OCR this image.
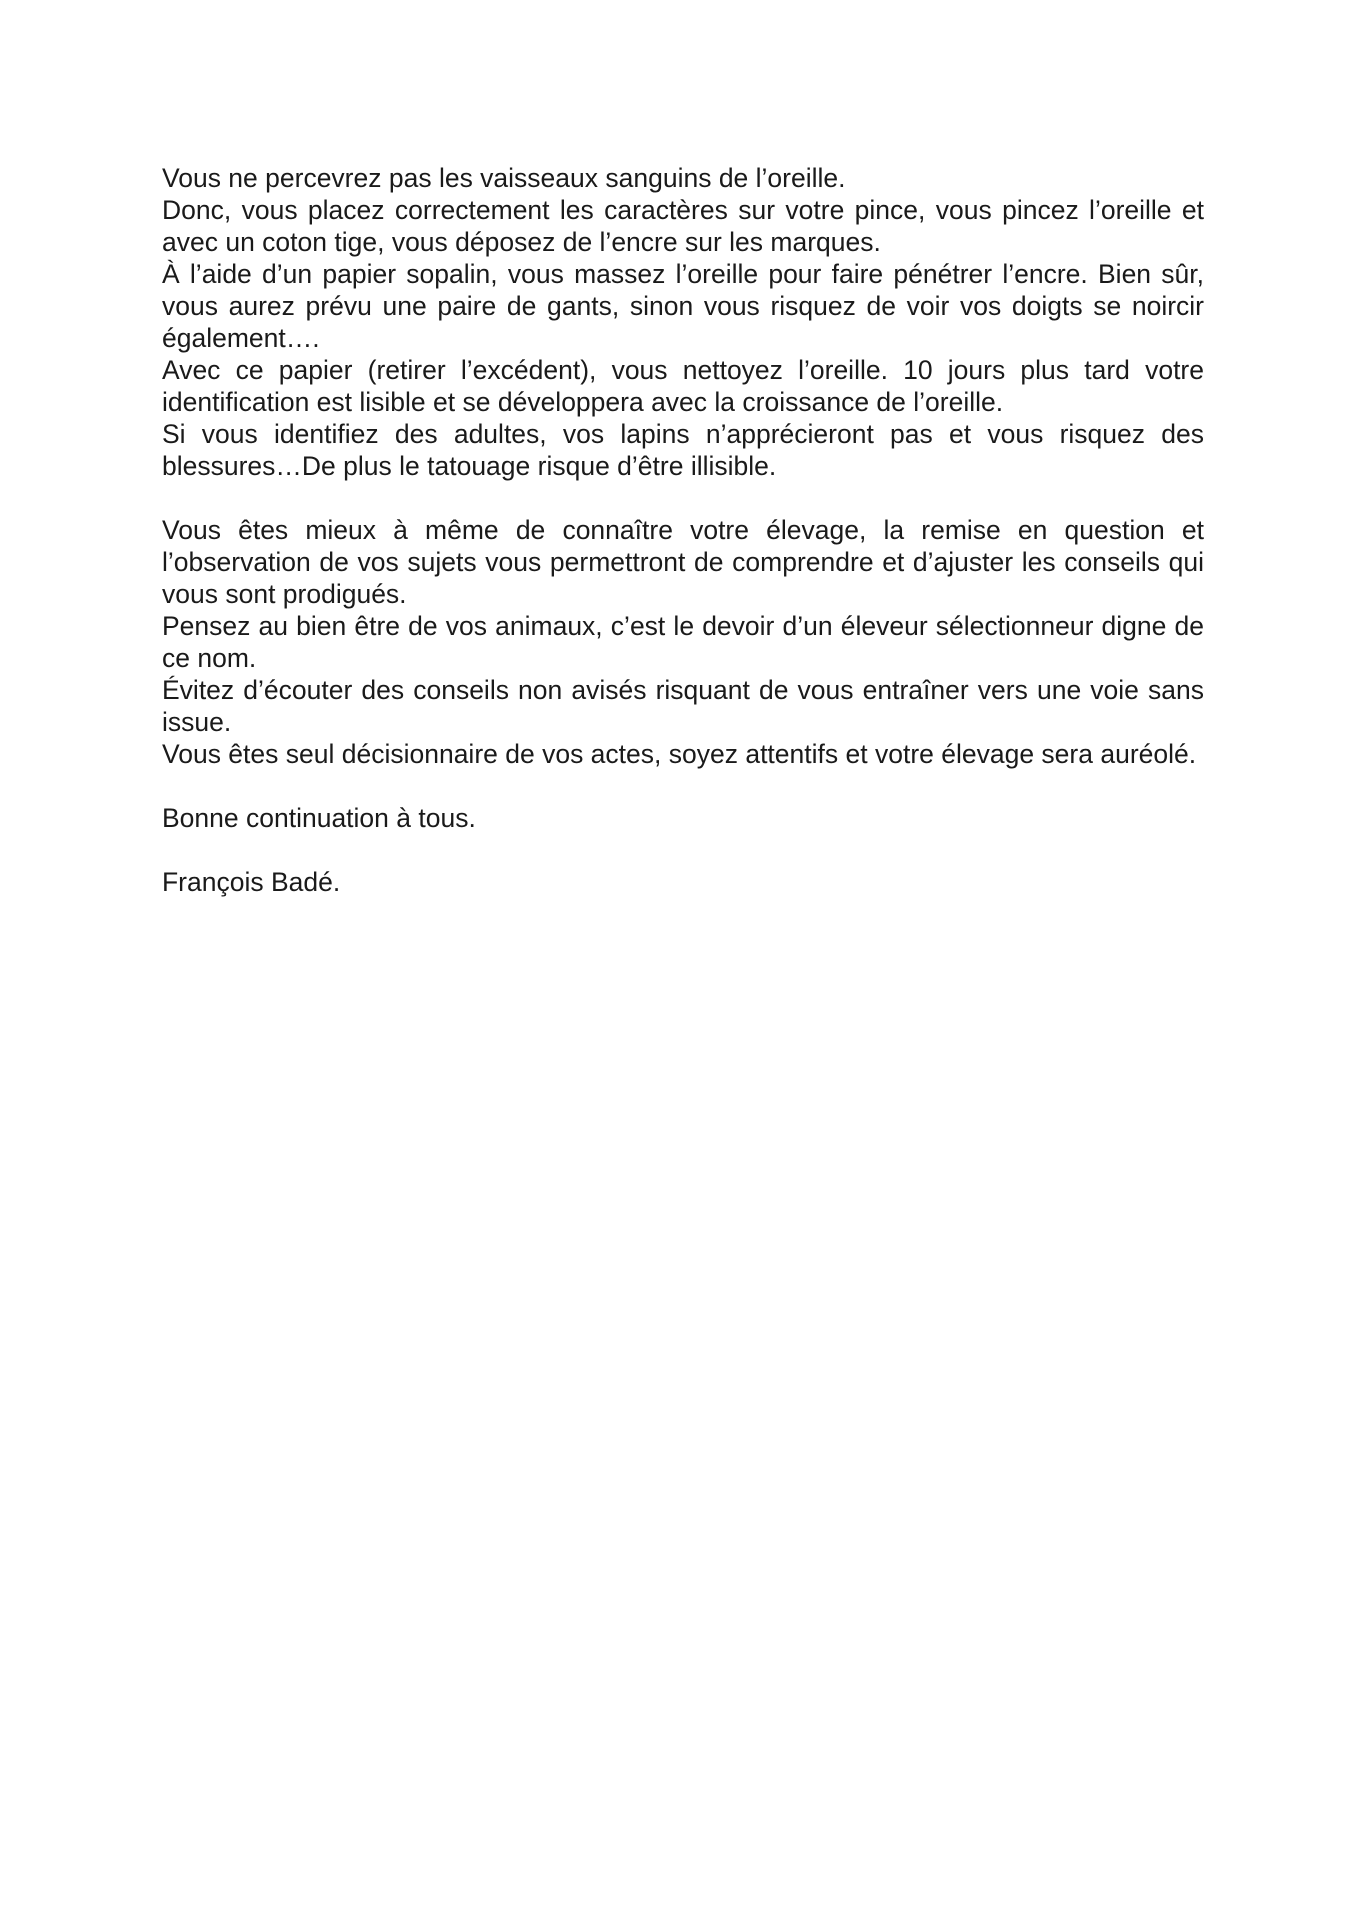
Vous ne percevrez pas les vaisseaux sanguins de l’oreille.

Donc, vous placez correctement les caractères sur votre pince, vous pincez l’oreille et avec un coton tige, vous déposez de l’encre sur les marques.

À l’aide d’un papier sopalin, vous massez l’oreille pour faire pénétrer l’encre. Bien sûr, vous aurez prévu une paire de gants, sinon vous risquez de voir vos doigts se noircir également….

Avec ce papier (retirer l’excédent), vous nettoyez l’oreille. 10 jours plus tard votre identification est lisible et se développera avec la croissance de l’oreille.

Si vous identifiez des adultes, vos lapins n’apprécieront pas et vous risquez des blessures…De plus le tatouage risque d’être illisible.

Vous êtes mieux à même de connaître votre élevage, la remise en question et l’observation de vos sujets vous permettront de comprendre et d’ajuster les conseils qui vous sont prodigués.

Pensez au bien être de vos animaux, c’est le devoir d’un éleveur sélectionneur digne de ce nom.

Évitez d’écouter des conseils non avisés risquant de vous entraîner vers une voie sans issue.

Vous êtes seul décisionnaire de vos actes, soyez attentifs et votre élevage sera auréolé.

Bonne continuation à tous.

François Badé.
